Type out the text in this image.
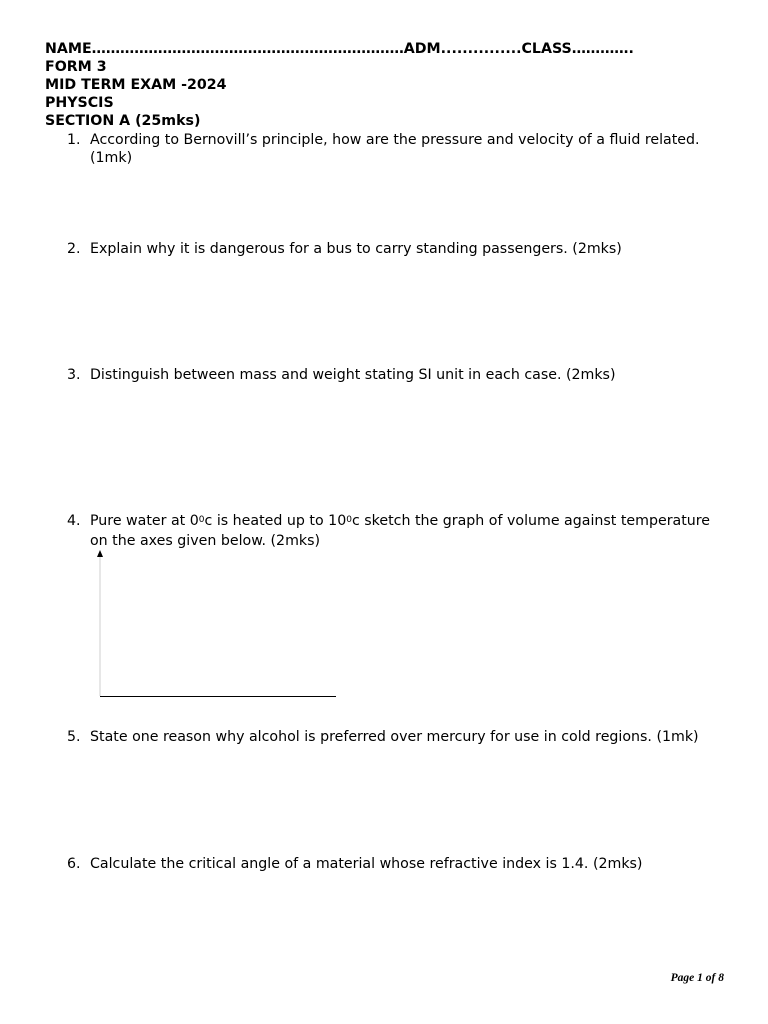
NAME…………………………………………………………ADM...............CLASS………….
FORM 3
MID TERM EXAM -2024
PHYSCIS
SECTION A (25mks)
1. According to Bernovill’s principle, how are the pressure and velocity of a fluid related. (1mk)
2. Explain why it is dangerous for a bus to carry standing passengers. (2mks)
3. Distinguish between mass and weight stating SI unit in each case. (2mks)
4. Pure water at $0^0c$ is heated up to $10^0c$ sketch the graph of volume against temperature on the axes given below. (2mks)
5. State one reason why alcohol is preferred over mercury for use in cold regions. (1mk)
6. Calculate the critical angle of a material whose refractive index is 1.4. (2mks)
Page 1 of 8
